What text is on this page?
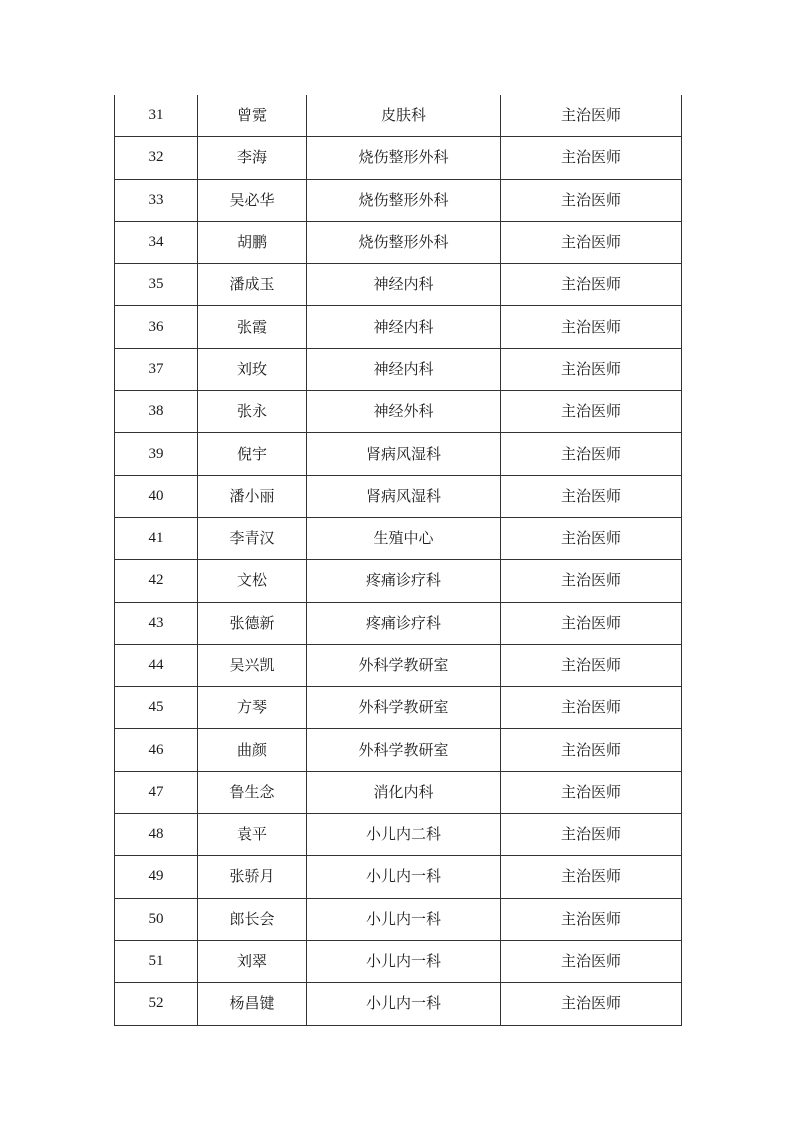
31	曾霓	皮肤科	主治医师
32	李海	烧伤整形外科	主治医师
33	吴必华	烧伤整形外科	主治医师
34	胡鹏	烧伤整形外科	主治医师
35	潘成玉	神经内科	主治医师
36	张霞	神经内科	主治医师
37	刘玫	神经内科	主治医师
38	张永	神经外科	主治医师
39	倪宇	肾病风湿科	主治医师
40	潘小丽	肾病风湿科	主治医师
41	李青汉	生殖中心	主治医师
42	文松	疼痛诊疗科	主治医师
43	张德新	疼痛诊疗科	主治医师
44	吴兴凯	外科学教研室	主治医师
45	方琴	外科学教研室	主治医师
46	曲颜	外科学教研室	主治医师
47	鲁生念	消化内科	主治医师
48	袁平	小儿内二科	主治医师
49	张骄月	小儿内一科	主治医师
50	郎长会	小儿内一科	主治医师
51	刘翠	小儿内一科	主治医师
52	杨昌键	小儿内一科	主治医师
